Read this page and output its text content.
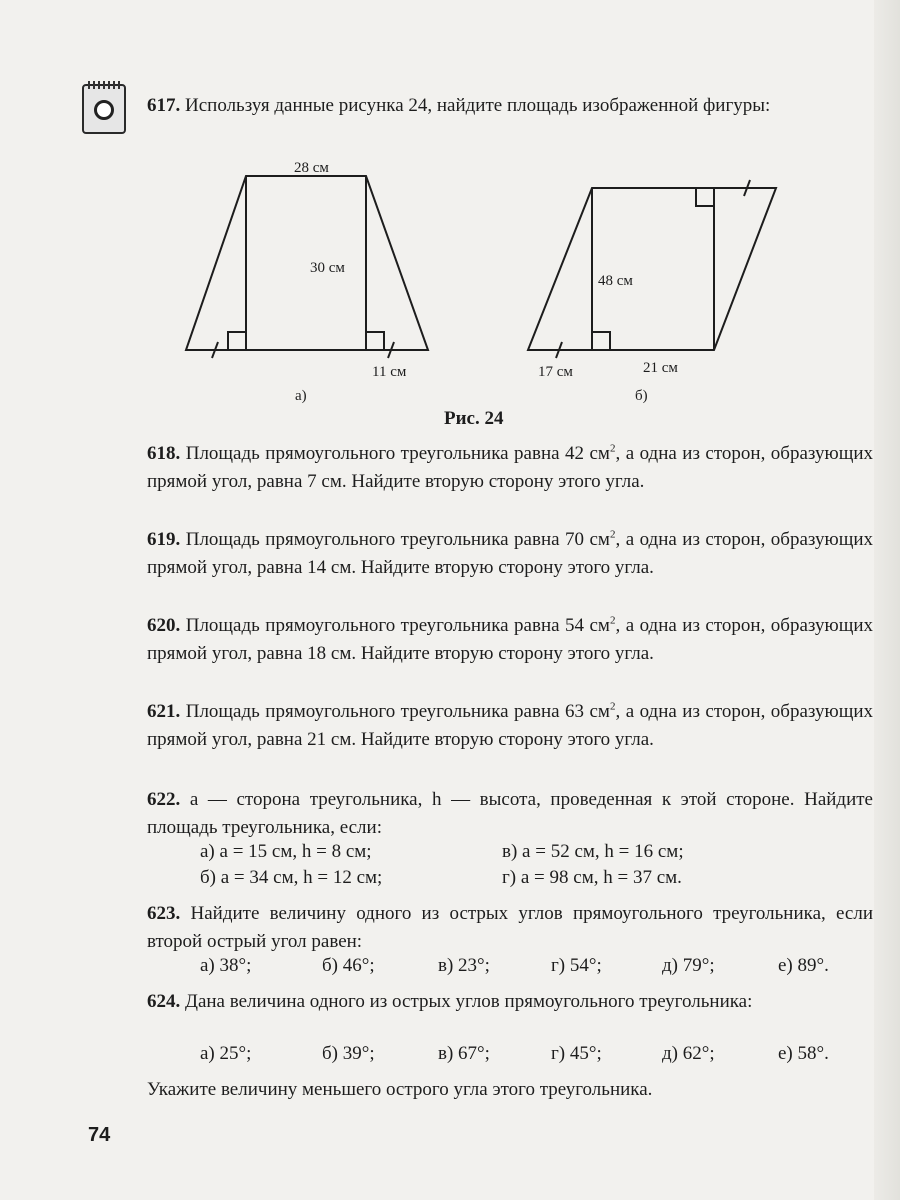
617. Используя данные рисунка 24, найдите площадь изображенной фигуры:
28 см
30 см
11 см
а)
48 см
17 см	21 см
б)
Рис. 24
618. Площадь прямоугольного треугольника равна 42 $см^2$, а одна из сторон, образующих прямой угол, равна 7 см. Найдите вторую сторону этого угла.
619. Площадь прямоугольного треугольника равна 70 $см^2$, а одна из сторон, образующих прямой угол, равна 14 см. Найдите вторую сторону этого угла.
620. Площадь прямоугольного треугольника равна 54 $см^2$, а одна из сторон, образующих прямой угол, равна 18 см. Найдите вторую сторону этого угла.
621. Площадь прямоугольного треугольника равна 63 $см^2$, а одна из сторон, образующих прямой угол, равна 21 см. Найдите вторую сторону этого угла.
622. a — сторона треугольника, h — высота, проведенная к этой стороне. Найдите площадь треугольника, если:
а) a = 15 см, h = 8 см;
б) a = 34 см, h = 12 см;
в) a = 52 см, h = 16 см;
г) a = 98 см, h = 37 см.
623. Найдите величину одного из острых углов прямоугольного треугольника, если второй острый угол равен:
а) 38°;	б) 46°;	в) 23°;	г) 54°;	д) 79°;	е) 89°.
624. Дана величина одного из острых углов прямоугольного треугольника:
а) 25°;	б) 39°;	в) 67°;	г) 45°;	д) 62°;	е) 58°.
Укажите величину меньшего острого угла этого треугольника.
74
